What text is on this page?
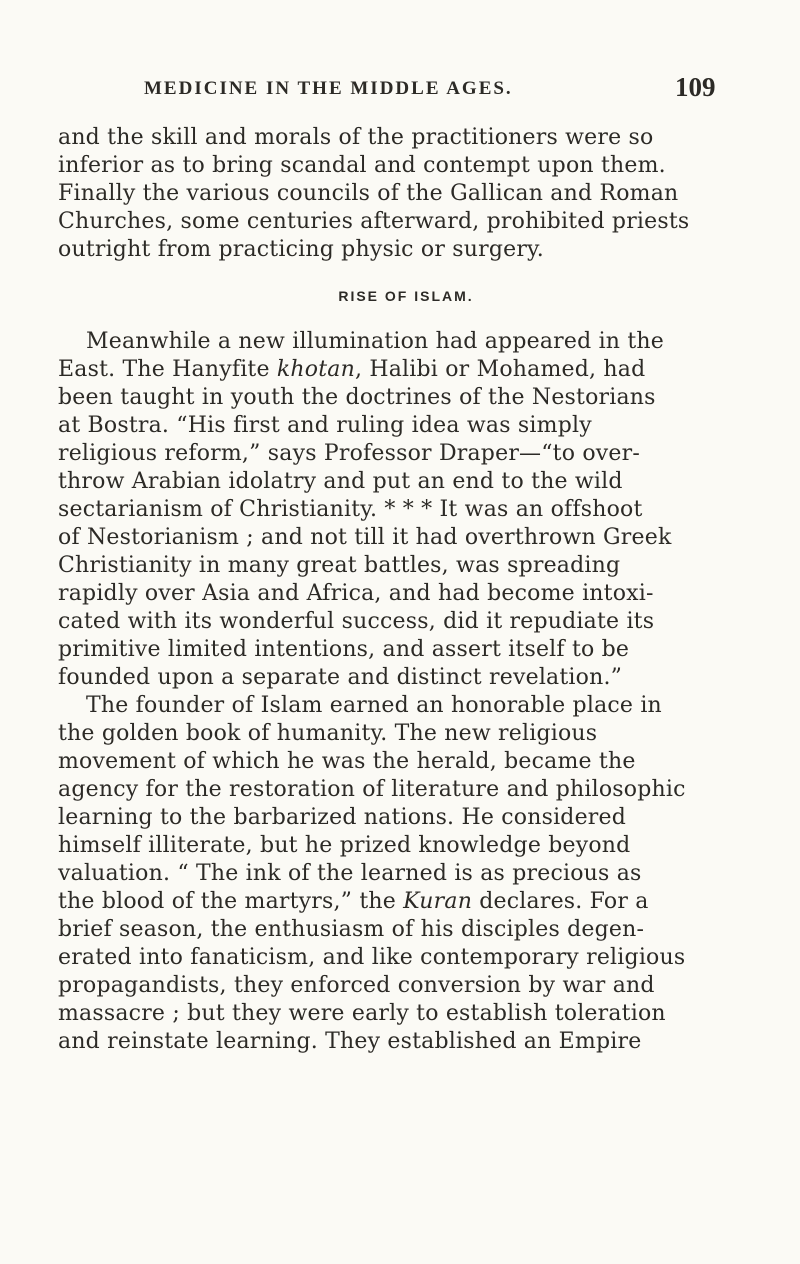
MEDICINE IN THE MIDDLE AGES.	109
and the skill and morals of the practitioners were so
inferior as to bring scandal and contempt upon them.
Finally the various councils of the Gallican and Roman
Churches, some centuries afterward, prohibited priests
outright from practicing physic or surgery.
RISE OF ISLAM.
Meanwhile a new illumination had appeared in the
East. The Hanyfite khotan, Halibi or Mohamed, had
been taught in youth the doctrines of the Nestorians
at Bostra. “His first and ruling idea was simply
religious reform,” says Professor Draper—“to over-
throw Arabian idolatry and put an end to the wild
sectarianism of Christianity. * * * It was an offshoot
of Nestorianism ; and not till it had overthrown Greek
Christianity in many great battles, was spreading
rapidly over Asia and Africa, and had become intoxi-
cated with its wonderful success, did it repudiate its
primitive limited intentions, and assert itself to be
founded upon a separate and distinct revelation.”
The founder of Islam earned an honorable place in
the golden book of humanity. The new religious
movement of which he was the herald, became the
agency for the restoration of literature and philosophic
learning to the barbarized nations. He considered
himself illiterate, but he prized knowledge beyond
valuation. “ The ink of the learned is as precious as
the blood of the martyrs,” the Kuran declares. For a
brief season, the enthusiasm of his disciples degen-
erated into fanaticism, and like contemporary religious
propagandists, they enforced conversion by war and
massacre ; but they were early to establish toleration
and reinstate learning. They established an Empire
